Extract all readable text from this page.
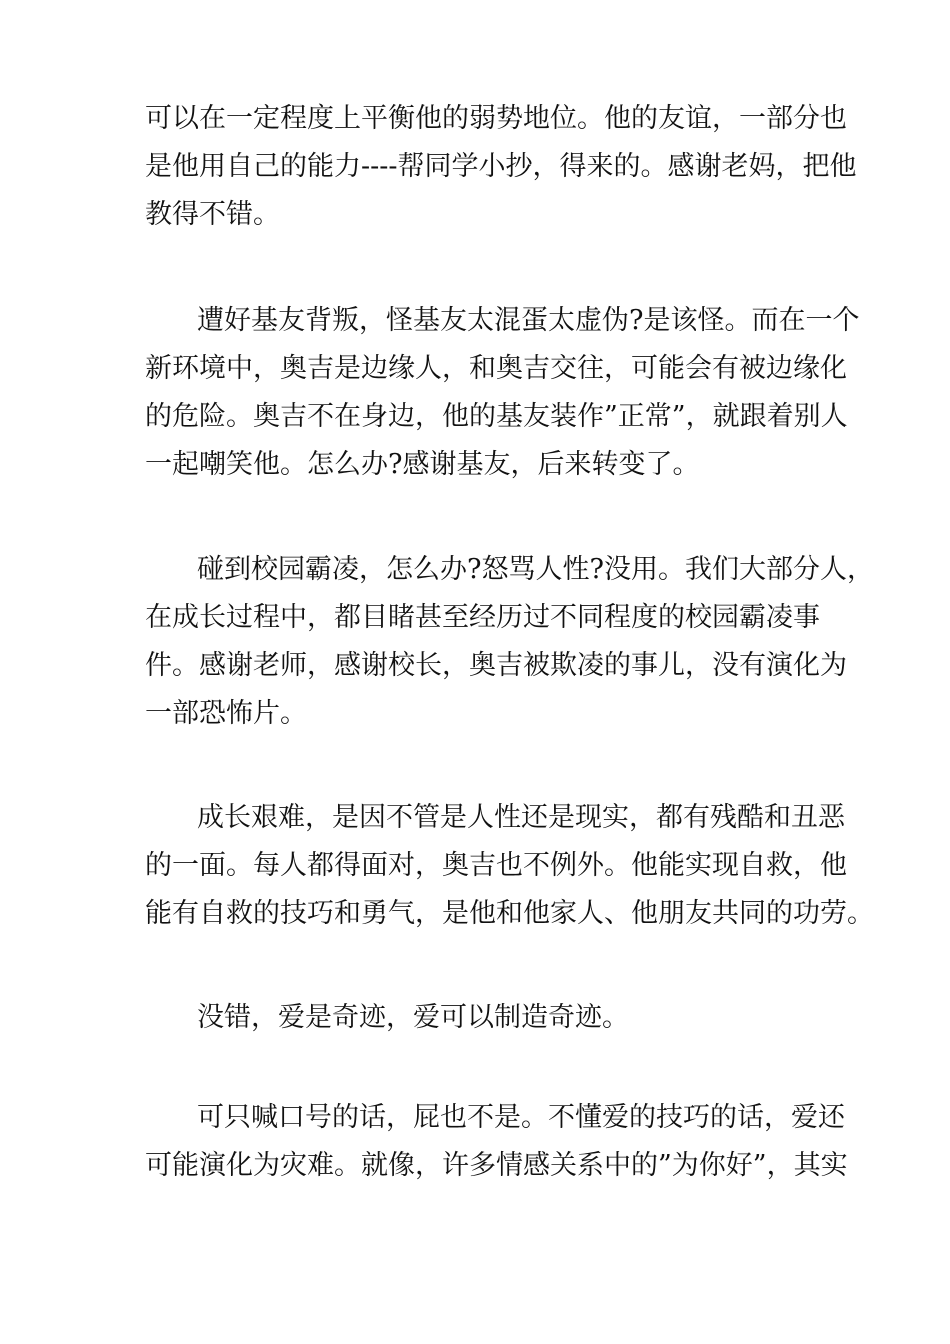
可以在一定程度上平衡他的弱势地位。他的友谊，一部分也
是他用自己的能力----帮同学小抄，得来的。感谢老妈，把他
教得不错。
遭好基友背叛，怪基友太混蛋太虚伪?是该怪。而在一个
新环境中，奥吉是边缘人，和奥吉交往，可能会有被边缘化
的危险。奥吉不在身边，他的基友装作”正常”，就跟着别人
一起嘲笑他。怎么办?感谢基友，后来转变了。
碰到校园霸凌，怎么办?怒骂人性?没用。我们大部分人，
在成长过程中，都目睹甚至经历过不同程度的校园霸凌事
件。感谢老师，感谢校长，奥吉被欺凌的事儿，没有演化为
一部恐怖片。
成长艰难，是因不管是人性还是现实，都有残酷和丑恶
的一面。每人都得面对，奥吉也不例外。他能实现自救，他
能有自救的技巧和勇气，是他和他家人、他朋友共同的功劳。
没错，爱是奇迹，爱可以制造奇迹。
可只喊口号的话，屁也不是。不懂爱的技巧的话，爱还
可能演化为灾难。就像，许多情感关系中的”为你好”，其实
